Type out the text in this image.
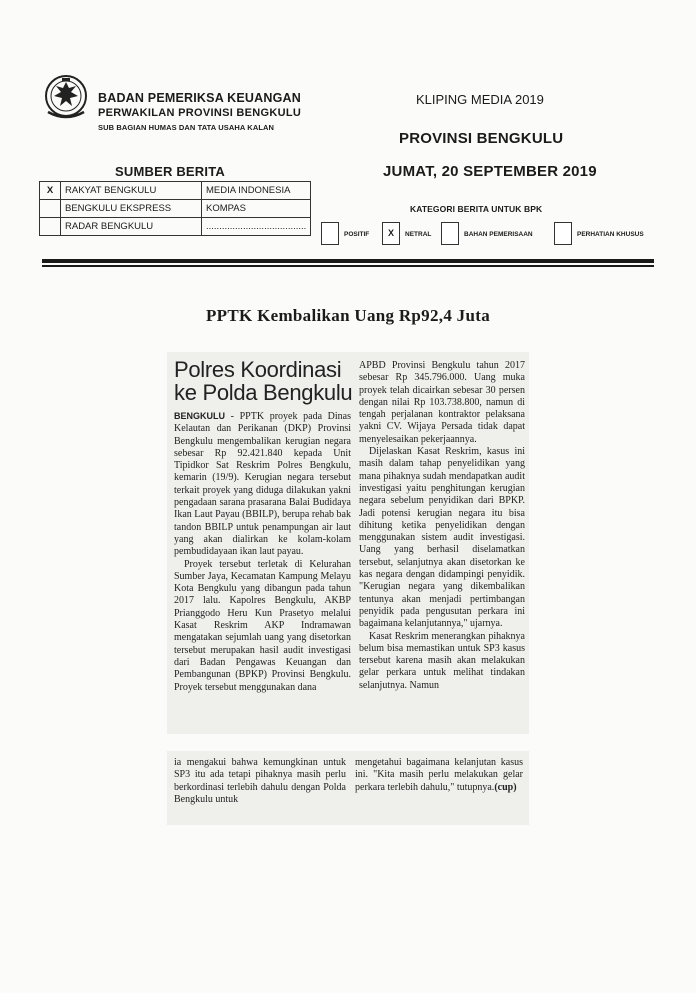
BADAN PEMERIKSA KEUANGAN
PERWAKILAN PROVINSI BENGKULU
SUB BAGIAN HUMAS DAN TATA USAHA KALAN
KLIPING MEDIA 2019
PROVINSI BENGKULU
JUMAT, 20 SEPTEMBER 2019
SUMBER BERITA
X	RAKYAT BENGKULU	MEDIA INDONESIA
	BENGKULU EKSPRESS	KOMPAS
	RADAR BENGKULU	......................................
KATEGORI BERITA UNTUK BPK
POSITIF	X	NETRAL	BAHAN PEMERISAAN	PERHATIAN KHUSUS
PPTK Kembalikan Uang Rp92,4 Juta
Polres Koordinasi
ke Polda Bengkulu

BENGKULU - PPTK proyek pada Dinas Kelautan dan Perikanan (DKP) Provinsi Bengkulu mengembalikan kerugian negara sebesar Rp 92.421.840 kepada Unit Tipidkor Sat Reskrim Polres Bengkulu, kemarin (19/9). Kerugian negara tersebut terkait proyek yang diduga dilakukan yakni pengadaan sarana prasarana Balai Budidaya Ikan Laut Payau (BBILP), berupa rehab bak tandon BBILP untuk penampungan air laut yang akan dialirkan ke kolam-kolam pembudidayaan ikan laut payau.

Proyek tersebut terletak di Kelurahan Sumber Jaya, Kecamatan Kampung Melayu Kota Bengkulu yang dibangun pada tahun 2017 lalu. Kapolres Bengkulu, AKBP Prianggodo Heru Kun Prasetyo melalui Kasat Reskrim AKP Indramawan mengatakan sejumlah uang yang disetorkan tersebut merupakan hasil audit investigasi dari Badan Pengawas Keuangan dan Pembangunan (BPKP) Provinsi Bengkulu. Proyek tersebut menggunakan dana

APBD Provinsi Bengkulu tahun 2017 sebesar Rp 345.796.000. Uang muka proyek telah dicairkan sebesar 30 persen dengan nilai Rp 103.738.800, namun di tengah perjalanan kontraktor pelaksana yakni CV. Wijaya Persada tidak dapat menyelesaikan pekerjaannya.

Dijelaskan Kasat Reskrim, kasus ini masih dalam tahap penyelidikan yang mana pihaknya sudah mendapatkan audit investigasi yaitu penghitungan kerugian negara sebelum penyidikan dari BPKP. Jadi potensi kerugian negara itu bisa dihitung ketika penyelidikan dengan menggunakan sistem audit investigasi. Uang yang berhasil diselamatkan tersebut, selanjutnya akan disetorkan ke kas negara dengan didampingi penyidik. "Kerugian negara yang dikembalikan tentunya akan menjadi pertimbangan penyidik pada pengusutan perkara ini bagaimana kelanjutannya," ujarnya.

Kasat Reskrim menerangkan pihaknya belum bisa memastikan untuk SP3 kasus tersebut karena masih akan melakukan gelar perkara untuk melihat tindakan selanjutnya. Namun

ia mengakui bahwa kemungkinan untuk SP3 itu ada tetapi pihaknya masih perlu berkordinasi terlebih dahulu dengan Polda Bengkulu untuk
mengetahui bagaimana kelanjutan kasus ini. "Kita masih perlu melakukan gelar perkara terlebih dahulu," tutupnya.(cup)
